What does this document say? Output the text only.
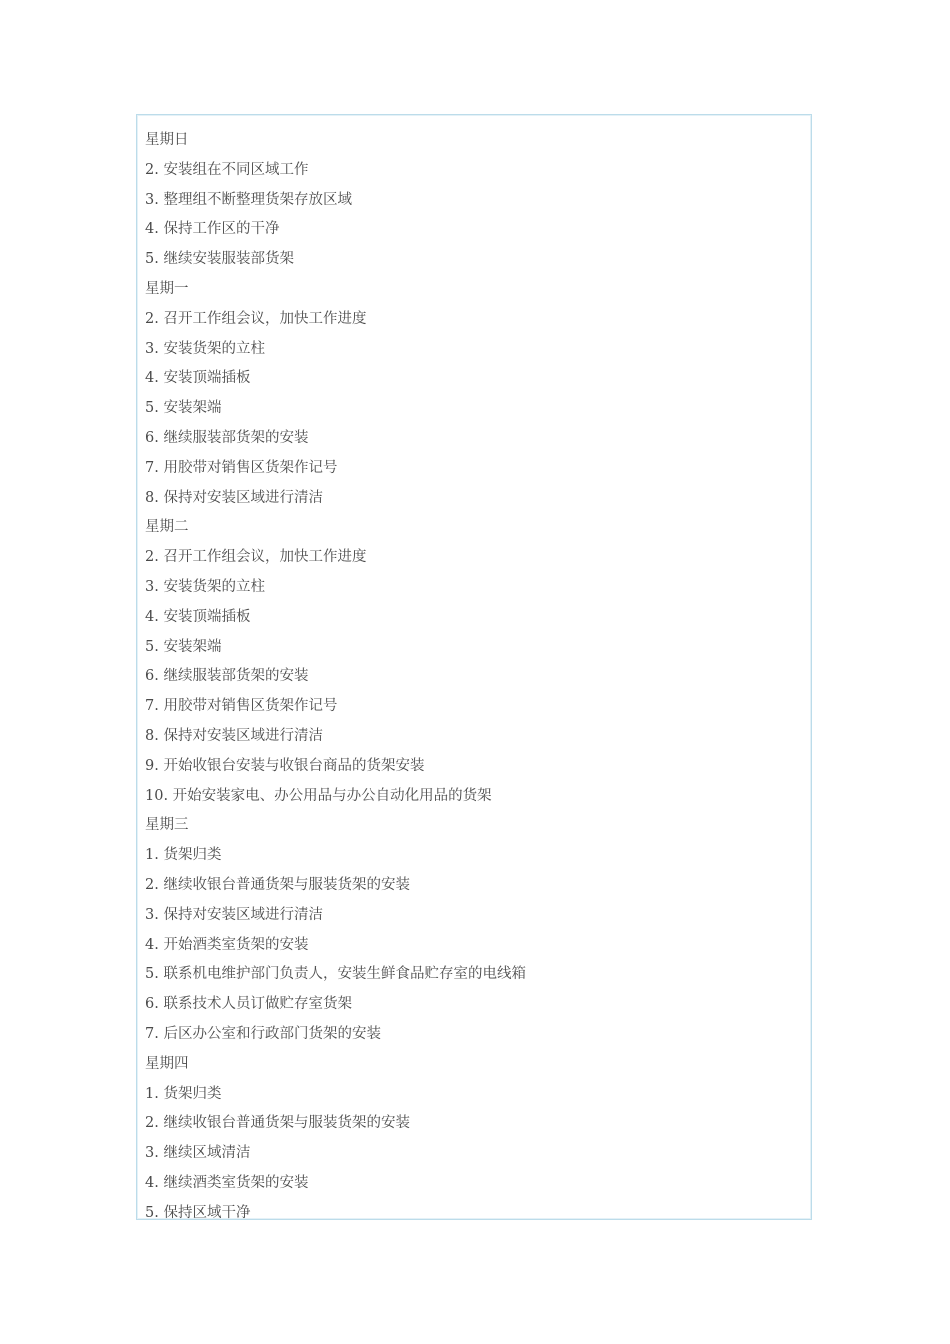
星期日
2. 安装组在不同区域工作
3. 整理组不断整理货架存放区域
4. 保持工作区的干净
5. 继续安装服装部货架
星期一
2. 召开工作组会议，加快工作进度
3. 安装货架的立柱
4. 安装顶端插板
5. 安装架端
6. 继续服装部货架的安装
7. 用胶带对销售区货架作记号
8. 保持对安装区域进行清洁
星期二
2. 召开工作组会议，加快工作进度
3. 安装货架的立柱
4. 安装顶端插板
5. 安装架端
6. 继续服装部货架的安装
7. 用胶带对销售区货架作记号
8. 保持对安装区域进行清洁
9. 开始收银台安装与收银台商品的货架安装
10. 开始安装家电、办公用品与办公自动化用品的货架
星期三
1. 货架归类
2. 继续收银台普通货架与服装货架的安装
3. 保持对安装区域进行清洁
4. 开始酒类室货架的安装
5. 联系机电维护部门负责人，安装生鲜食品贮存室的电线箱
6. 联系技术人员订做贮存室货架
7. 后区办公室和行政部门货架的安装
星期四
1. 货架归类
2. 继续收银台普通货架与服装货架的安装
3. 继续区域清洁
4. 继续酒类室货架的安装
5. 保持区域干净
